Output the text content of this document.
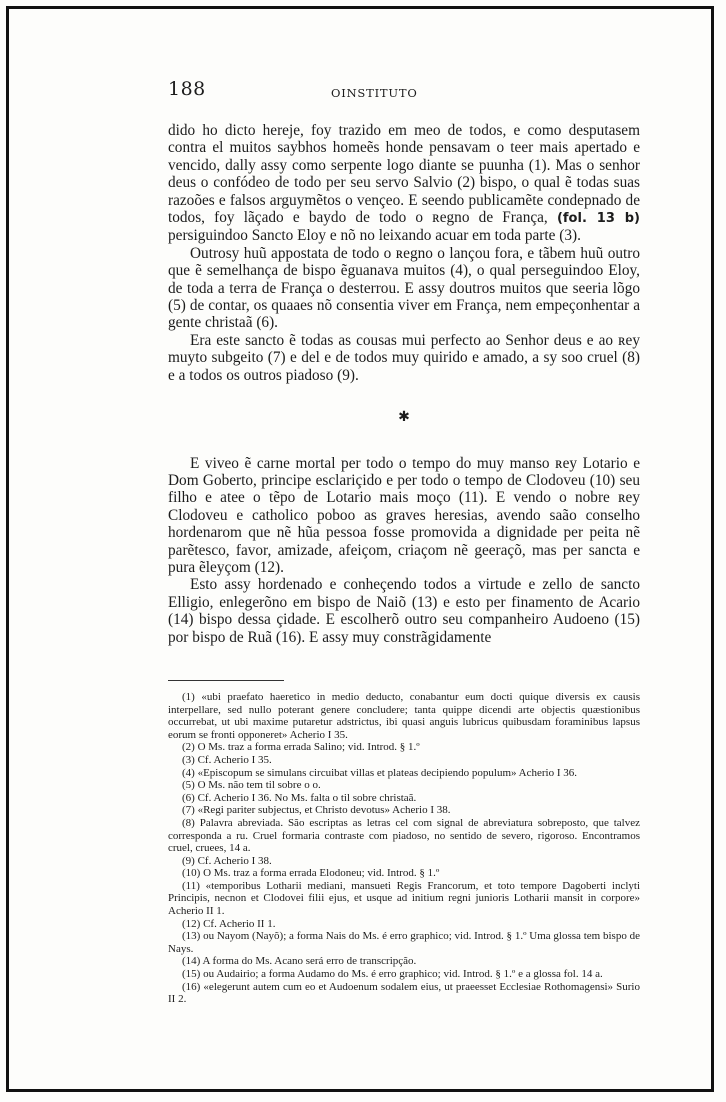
188	OINSTITUTO

dido ho dicto hereje, foy trazido em meo de todos, e como desputasem contra el muitos saybhos homeẽs honde pensavam o teer mais apertado e vencido, dally assy como serpente logo diante se puunha (1). Mas o senhor deus o confódeo de todo per seu servo Salvio (2) bispo, o qual ẽ todas suas razoões e falsos arguymẽtos o vençeo. E seendo publicamẽte condepnado de todos, foy lãçado e baydo de todo o ʀegno de França, (fol. 13 b) persiguindoo Sancto Eloy e nõ no leixando acuar em toda parte (3).

Outrosy huũ appostata de todo o ʀegno o lançou fora, e tãbem huũ outro que ẽ semelhança de bispo ẽguanava muitos (4), o qual perseguindoo Eloy, de toda a terra de França o desterrou. E assy doutros muitos que seeria lõgo (5) de contar, os quaaes nõ consentia viver em França, nem empeçonhentar a gente christaã (6).

Era este sancto ẽ todas as cousas mui perfecto ao Senhor deus e ao ʀey muyto subgeito (7) e del e de todos muy quirido e amado, a sy soo cruel (8) e a todos os outros piadoso (9).

✱

E viveo ẽ carne mortal per todo o tempo do muy manso ʀey Lotario e Dom Goberto, principe esclariçido e per todo o tempo de Clodoveu (10) seu filho e atee o tẽpo de Lotario mais moço (11). E vendo o nobre ʀey Clodoveu e catholico poboo as graves heresias, avendo saão conselho hordenarom que nẽ hũa pessoa fosse promovida a dignidade per peita nẽ parẽtesco, favor, amizade, afeiçom, criaçom nẽ geeraçõ, mas per sancta e pura ẽleyçom (12).

Esto assy hordenado e conheçendo todos a virtude e zello de sancto Elligio, enlegerõno em bispo de Naiõ (13) e esto per finamento de Acario (14) bispo dessa çidade. E escolherõ outro seu companheiro Audoeno (15) por bispo de Ruã (16). E assy muy constrãgidamente

(1) «ubi praefato haeretico in medio deducto, conabantur eum docti quique diversis ex causis interpellare, sed nullo poterant genere concludere; tanta quippe dicendi arte objectis quæstionibus occurrebat, ut ubi maxime putaretur adstrictus, ibi quasi anguis lubricus quibusdam foraminibus lapsus eorum se fronti opponeret» Acherio I 35.

(2) O Ms. traz a forma errada Salino; vid. Introd. § 1.º

(3) Cf. Acherio I 35.

(4) «Episcopum se simulans circuibat villas et plateas decipiendo populum» Acherio I 36.

(5) O Ms. não tem til sobre o o.

(6) Cf. Acherio I 36. No Ms. falta o til sobre christaã.

(7) «Regi pariter subjectus, et Christo devotus» Acherio I 38.

(8) Palavra abreviada. São escriptas as letras cel com signal de abreviatura sobreposto, que talvez corresponda a ru. Cruel formaria contraste com piadoso, no sentido de severo, rigoroso. Encontramos cruel, cruees, 14 a.

(9) Cf. Acherio I 38.

(10) O Ms. traz a forma errada Elodoneu; vid. Introd. § 1.º

(11) «temporibus Lotharii mediani, mansueti Regis Francorum, et toto tempore Dagoberti inclyti Principis, necnon et Clodovei filii ejus, et usque ad initium regni junioris Lotharii mansit in corpore» Acherio II 1.

(12) Cf. Acherio II 1.

(13) ou Nayom (Nayõ); a forma Nais do Ms. é erro graphico; vid. Introd. § 1.º Uma glossa tem bispo de Nays.

(14) A forma do Ms. Acano será erro de transcripção.

(15) ou Audairio; a forma Audamo do Ms. é erro graphico; vid. Introd. § 1.º e a glossa fol. 14 a.

(16) «elegerunt autem cum eo et Audoenum sodalem eius, ut praeesset Ecclesiae Rothomagensi» Surio II 2.
